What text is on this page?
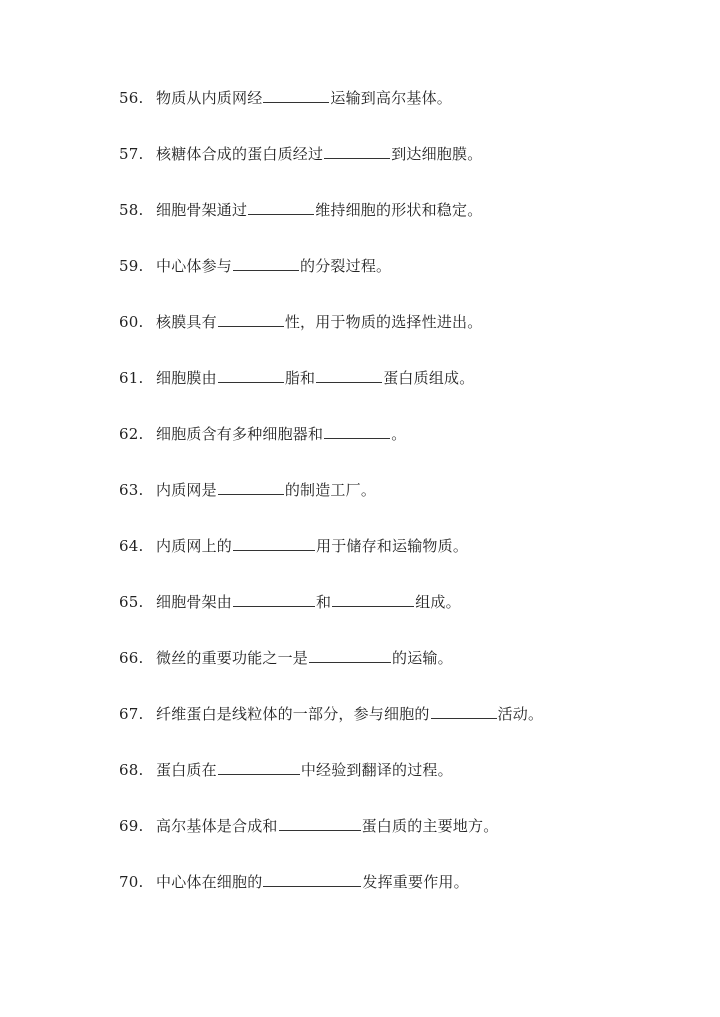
56. 物质从内质网经	运输到高尔基体。
57. 核糖体合成的蛋白质经过	到达细胞膜。
58. 细胞骨架通过	维持细胞的形状和稳定。
59. 中心体参与	的分裂过程。
60. 核膜具有	性，用于物质的选择性进出。
61. 细胞膜由	脂和	蛋白质组成。
62. 细胞质含有多种细胞器和	。
63. 内质网是	的制造工厂。
64. 内质网上的	用于储存和运输物质。
65. 细胞骨架由	和	组成。
66. 微丝的重要功能之一是	的运输。
67. 纤维蛋白是线粒体的一部分，参与细胞的	活动。
68. 蛋白质在	中经验到翻译的过程。
69. 高尔基体是合成和	蛋白质的主要地方。
70. 中心体在细胞的	发挥重要作用。
